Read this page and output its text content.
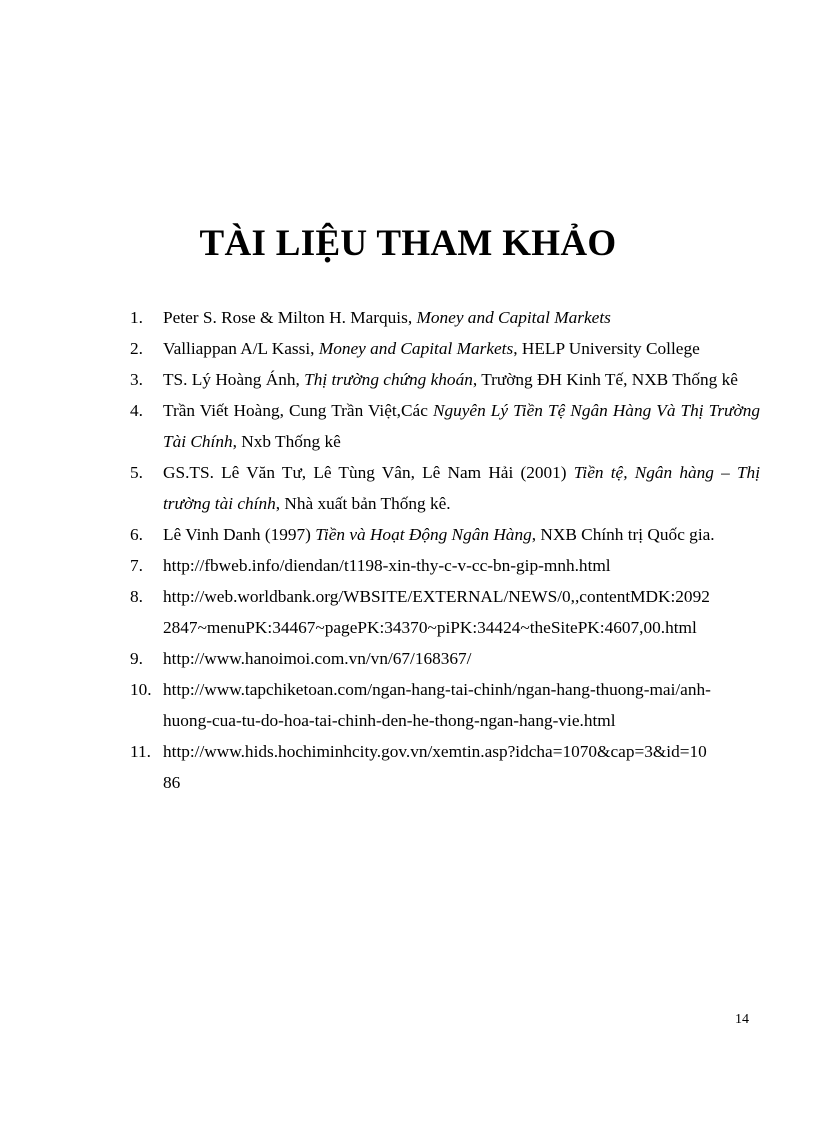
TÀI LIỆU THAM KHẢO
1. Peter S. Rose & Milton H. Marquis, Money and Capital Markets
2. Valliappan A/L Kassi, Money and Capital Markets, HELP University College
3. TS. Lý Hoàng Ánh, Thị trường chứng khoán, Trường ĐH Kinh Tế, NXB Thống kê
4. Trần Viết Hoàng, Cung Trần Việt,Các Nguyên Lý Tiền Tệ Ngân Hàng Và Thị Trường Tài Chính, Nxb Thống kê
5. GS.TS. Lê Văn Tư, Lê Tùng Vân, Lê Nam Hải (2001) Tiền tệ, Ngân hàng – Thị trường tài chính, Nhà xuất bản Thống kê.
6. Lê Vinh Danh (1997) Tiền và Hoạt Động Ngân Hàng, NXB Chính trị Quốc gia.
7. http://fbweb.info/diendan/t1198-xin-thy-c-v-cc-bn-gip-mnh.html
8. http://web.worldbank.org/WBSITE/EXTERNAL/NEWS/0,,contentMDK:2092
2847~menuPK:34467~pagePK:34370~piPK:34424~theSitePK:4607,00.html
9. http://www.hanoimoi.com.vn/vn/67/168367/
10. http://www.tapchiketoan.com/ngan-hang-tai-chinh/ngan-hang-thuong-mai/anh-
huong-cua-tu-do-hoa-tai-chinh-den-he-thong-ngan-hang-vie.html
11. http://www.hids.hochiminhcity.gov.vn/xemtin.asp?idcha=1070&cap=3&id=10
86
14
